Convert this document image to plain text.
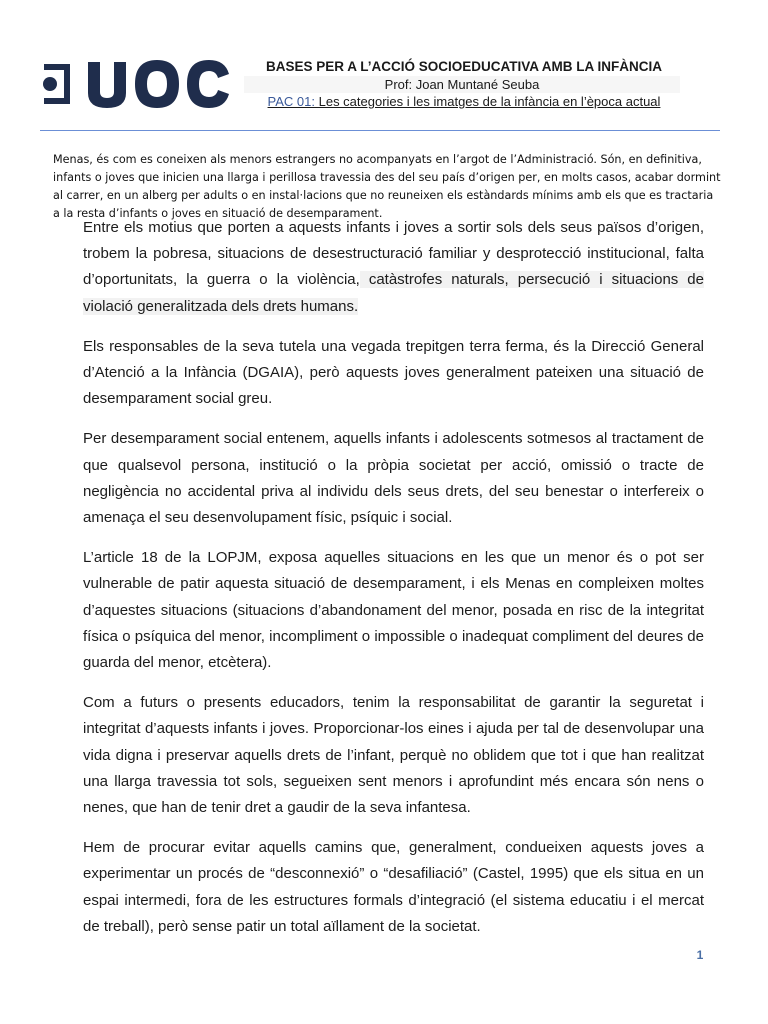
BASES PER A L’ACCIÓ SOCIOEDUCATIVA AMB LA INFÀNCIA
Prof: Joan Muntané Seuba
PAC 01: Les categories i les imatges de la infància en l’època actual
Menas, és com es coneixen als menors estrangers no acompanyats en l’argot de l’Administració. Són, en definitiva, infants o joves que inicien una llarga i perillosa travessia des del seu país d’origen per, en molts casos, acabar dormint al carrer, en un alberg per adults o en instal·lacions que no reuneixen els estàndards mínims amb els que es tractaria a la resta d’infants o joves en situació de desemparament.

Entre els motius que porten a aquests infants i joves a sortir sols dels seus països d’origen, trobem la pobresa, situacions de desestructuració familiar y desprotecció institucional, falta d’oportunitats, la guerra o la violència, catàstrofes naturals, persecució i situacions de violació generalitzada dels drets humans.

Els responsables de la seva tutela una vegada trepitgen terra ferma, és la Direcció General d’Atenció a la Infància (DGAIA), però aquests joves generalment pateixen una situació de desemparament social greu.

Per desemparament social entenem, aquells infants i adolescents sotmesos al tractament de que qualsevol persona, institució o la pròpia societat per acció, omissió o tracte de negligència no accidental priva al individu dels seus drets, del seu benestar o interfereix o amenaça el seu desenvolupament físic, psíquic i social.

L’article 18 de la LOPJM, exposa aquelles situacions en les que un menor és o pot ser vulnerable de patir aquesta situació de desemparament, i els Menas en compleixen moltes d’aquestes situacions (situacions d’abandonament del menor, posada en risc de la integritat física o psíquica del menor, incompliment o impossible o inadequat compliment del deures de guarda del menor, etcètera).

Com a futurs o presents educadors, tenim la responsabilitat de garantir la seguretat i integritat d’aquests infants i joves. Proporcionar-los eines i ajuda per tal de desenvolupar una vida digna i preservar aquells drets de l’infant, perquè no oblidem que tot i que han realitzat una llarga travessia tot sols, segueixen sent menors i aprofundint més encara són nens o nenes, que han de tenir dret a gaudir de la seva infantesa.

Hem de procurar evitar aquells camins que, generalment, condueixen aquests joves a experimentar un procés de “desconnexió” o “desafiliació” (Castel, 1995) que els situa en un espai intermedi, fora de les estructures formals d’integració (el sistema educatiu i el mercat de treball), però sense patir un total aïllament de la societat.

1
